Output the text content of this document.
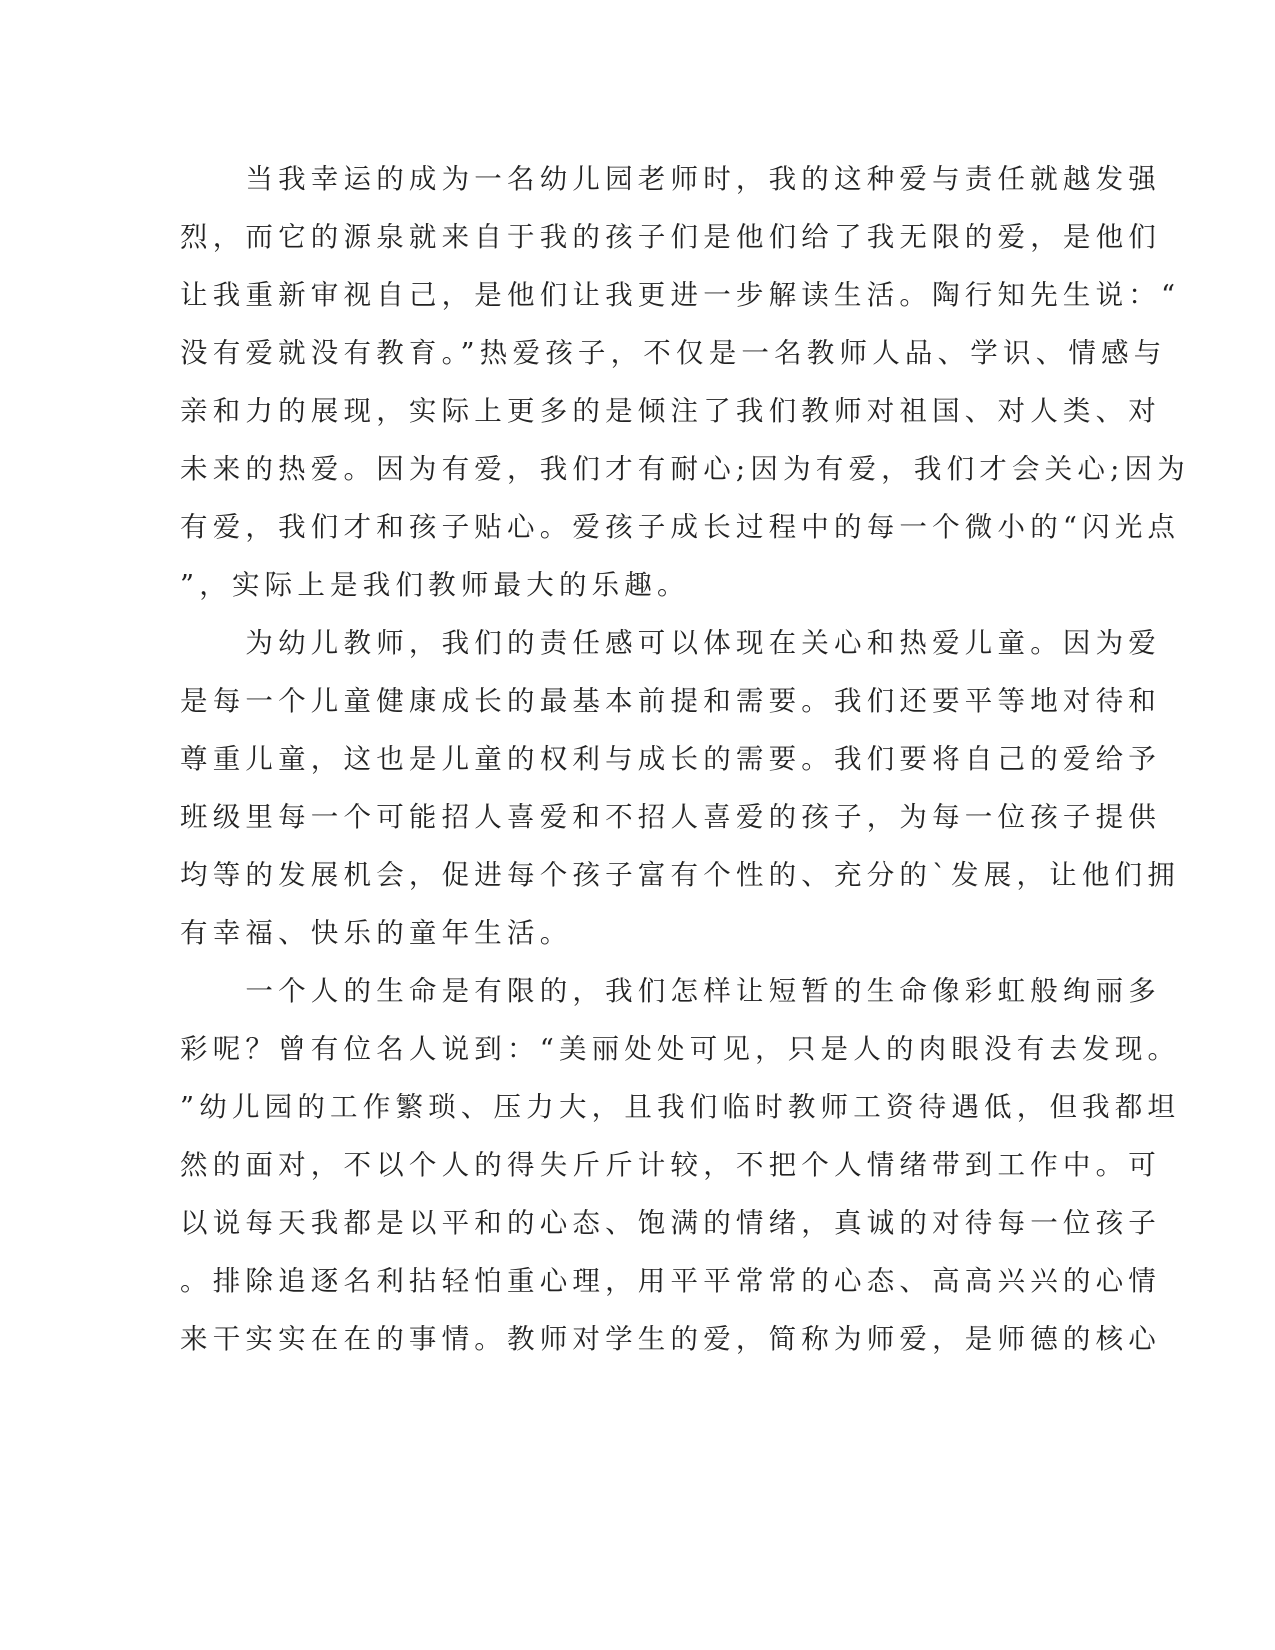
　　当我幸运的成为一名幼儿园老师时，我的这种爱与责任就越发强
烈，而它的源泉就来自于我的孩子们是他们给了我无限的爱，是他们
让我重新审视自己，是他们让我更进一步解读生活。陶行知先生说：“
没有爱就没有教育。”热爱孩子，不仅是一名教师人品、学识、情感与
亲和力的展现，实际上更多的是倾注了我们教师对祖国、对人类、对
未来的热爱。因为有爱，我们才有耐心;因为有爱，我们才会关心;因为
有爱，我们才和孩子贴心。爱孩子成长过程中的每一个微小的“闪光点
”，实际上是我们教师最大的乐趣。
　　为幼儿教师，我们的责任感可以体现在关心和热爱儿童。因为爱
是每一个儿童健康成长的最基本前提和需要。我们还要平等地对待和
尊重儿童，这也是儿童的权利与成长的需要。我们要将自己的爱给予
班级里每一个可能招人喜爱和不招人喜爱的孩子，为每一位孩子提供
均等的发展机会，促进每个孩子富有个性的、充分的`发展，让他们拥
有幸福、快乐的童年生活。
　　一个人的生命是有限的，我们怎样让短暂的生命像彩虹般绚丽多
彩呢？曾有位名人说到：“美丽处处可见，只是人的肉眼没有去发现。
”幼儿园的工作繁琐、压力大，且我们临时教师工资待遇低，但我都坦
然的面对，不以个人的得失斤斤计较，不把个人情绪带到工作中。可
以说每天我都是以平和的心态、饱满的情绪，真诚的对待每一位孩子
。排除追逐名利拈轻怕重心理，用平平常常的心态、高高兴兴的心情
来干实实在在的事情。教师对学生的爱，简称为师爱，是师德的核心
